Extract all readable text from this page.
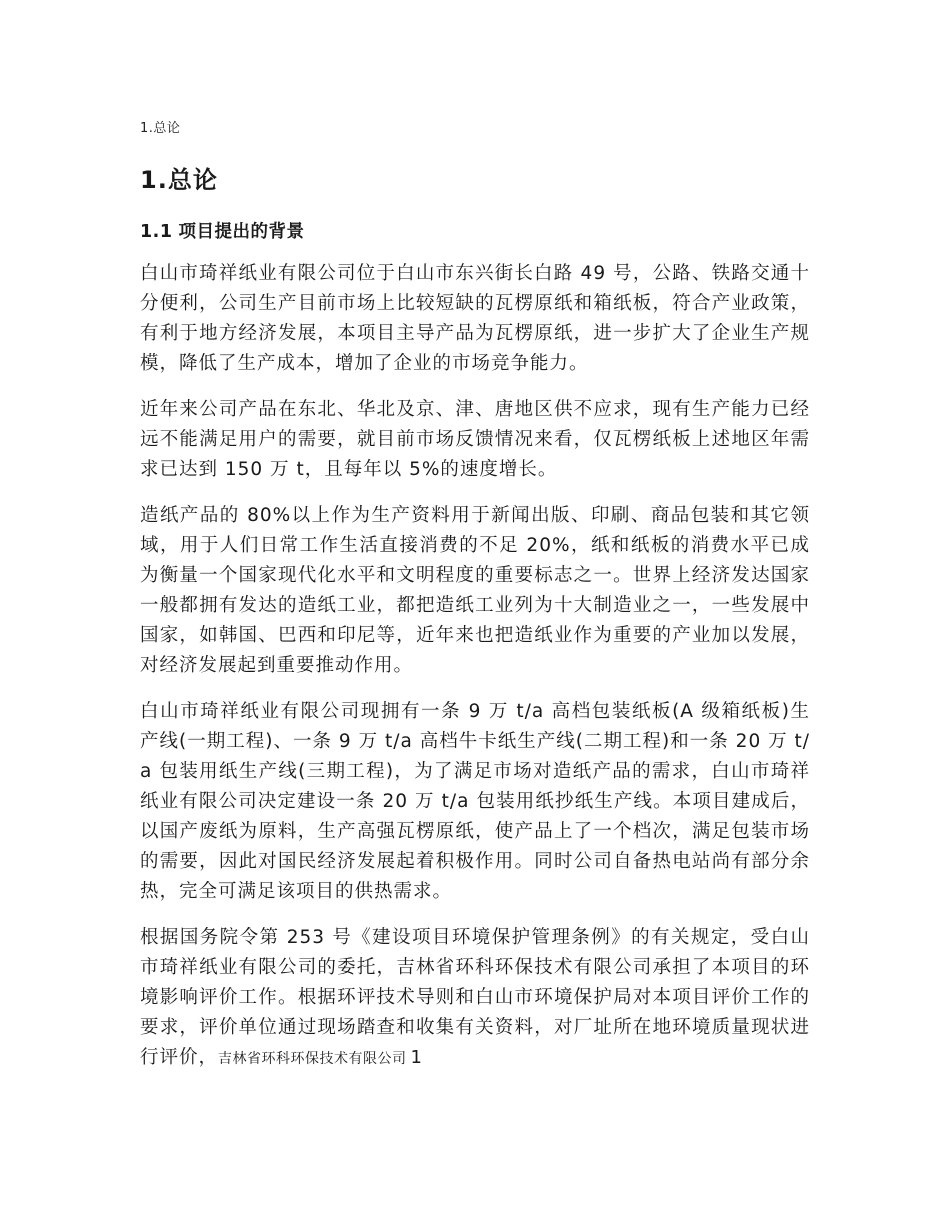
1.总论
1.总论
1.1 项目提出的背景

白山市琦祥纸业有限公司位于白山市东兴街长白路 49 号，公路、铁路交通十分便利，公司生产目前市场上比较短缺的瓦楞原纸和箱纸板，符合产业政策，有利于地方经济发展，本项目主导产品为瓦楞原纸，进一步扩大了企业生产规模，降低了生产成本，增加了企业的市场竞争能力。

近年来公司产品在东北、华北及京、津、唐地区供不应求，现有生产能力已经远不能满足用户的需要，就目前市场反馈情况来看，仅瓦楞纸板上述地区年需求已达到 150 万 t，且每年以 5%的速度增长。

造纸产品的 80%以上作为生产资料用于新闻出版、印刷、商品包装和其它领域，用于人们日常工作生活直接消费的不足 20%，纸和纸板的消费水平已成为衡量一个国家现代化水平和文明程度的重要标志之一。世界上经济发达国家一般都拥有发达的造纸工业，都把造纸工业列为十大制造业之一，一些发展中国家，如韩国、巴西和印尼等，近年来也把造纸业作为重要的产业加以发展，对经济发展起到重要推动作用。

白山市琦祥纸业有限公司现拥有一条 9 万 t/a 高档包装纸板(A 级箱纸板)生产线(一期工程)、一条 9 万 t/a 高档牛卡纸生产线(二期工程)和一条 20 万 t/a 包装用纸生产线(三期工程)，为了满足市场对造纸产品的需求，白山市琦祥纸业有限公司决定建设一条 20 万 t/a 包装用纸抄纸生产线。本项目建成后，以国产废纸为原料，生产高强瓦楞原纸，使产品上了一个档次，满足包装市场的需要，因此对国民经济发展起着积极作用。同时公司自备热电站尚有部分余热，完全可满足该项目的供热需求。

根据国务院令第 253 号《建设项目环境保护管理条例》的有关规定，受白山市琦祥纸业有限公司的委托，吉林省环科环保技术有限公司承担了本项目的环境影响评价工作。根据环评技术导则和白山市环境保护局对本项目评价工作的要求，评价单位通过现场踏查和收集有关资料，对厂址所在地环境质量现状进行评价，吉林省环科环保技术有限公司 1
